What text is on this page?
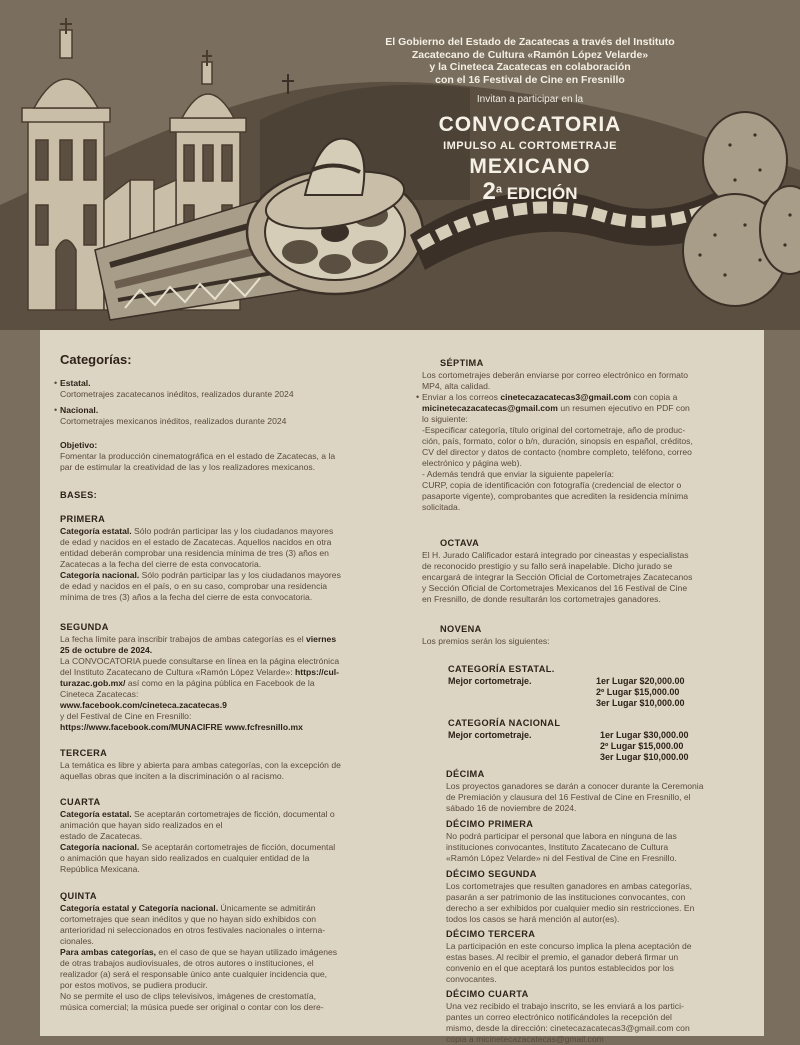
El Gobierno del Estado de Zacatecas a través del Instituto
Zacatecano de Cultura «Ramón López Velarde»
y la Cineteca Zacatecas en colaboración
con el 16 Festival de Cine en Fresnillo
Invitan a participar en la
CONVOCATORIA
IMPULSO AL CORTOMETRAJE
MEXICANO
2$^a$ EDICIÓN
Categorías:
• Estatal.
Cortometrajes zacatecanos inéditos, realizados durante 2024
• Nacional.
Cortometrajes mexicanos inéditos, realizados durante 2024
Objetivo:
Fomentar la producción cinematográfica en el estado de Zacatecas, a la
par de estimular la creatividad de las y los realizadores mexicanos.
BASES:
PRIMERA
Categoría estatal. Sólo podrán participar las y los ciudadanos mayores
de edad y nacidos en el estado de Zacatecas. Aquellos nacidos en otra
entidad deberán comprobar una residencia mínima de tres (3) años en
Zacatecas a la fecha del cierre de esta convocatoria.
Categoría nacional. Sólo podrán participar las y los ciudadanos mayores
de edad y nacidos en el país, o en su caso, comprobar una residencia
mínima de tres (3) años a la fecha del cierre de esta convocatoria.
SEGUNDA
La fecha límite para inscribir trabajos de ambas categorías es el viernes
25 de octubre de 2024.
La CONVOCATORIA puede consultarse en línea en la página electrónica
del Instituto Zacatecano de Cultura «Ramón López Velarde»: https://cul-
turazac.gob.mx/ así como en la página pública en Facebook de la
Cineteca Zacatecas:
www.facebook.com/cineteca.zacatecas.9
y del Festival de Cine en Fresnillo:
https://www.facebook.com/MUNACIFRE www.fcfresnillo.mx
TERCERA
La temática es libre y abierta para ambas categorías, con la excepción de
aquellas obras que inciten a la discriminación o al racismo.
CUARTA
Categoría estatal. Se aceptarán cortometrajes de ficción, documental o
animación que hayan sido realizados en el
estado de Zacatecas.
Categoría nacional. Se aceptarán cortometrajes de ficción, documental
o animación que hayan sido realizados en cualquier entidad de la
República Mexicana.
QUINTA
Categoría estatal y Categoría nacional. Únicamente se admitirán
cortometrajes que sean inéditos y que no hayan sido exhibidos con
anterioridad ni seleccionados en otros festivales nacionales o interna-
cionales.
Para ambas categorías, en el caso de que se hayan utilizado imágenes
de otras trabajos audiovisuales, de otros autores o instituciones, el
realizador (a) será el responsable único ante cualquier incidencia que,
por estos motivos, se pudiera producir.
No se permite el uso de clips televisivos, imágenes de crestomatía,
música comercial; la música puede ser original o contar con los dere-
SÉPTIMA
Los cortometrajes deberán enviarse por correo electrónico en formato
MP4, alta calidad.
• Enviar a los correos cinetecazacatecas3@gmail.com con copia a
micinetecazacatecas@gmail.com un resumen ejecutivo en PDF con
lo siguiente:
-Especificar categoría, título original del cortometraje, año de produc-
ción, país, formato, color o b/n, duración, sinopsis en español, créditos,
CV del director y datos de contacto (nombre completo, teléfono, correo
electrónico y página web).
- Además tendrá que enviar la siguiente papelería:
CURP, copia de identificación con fotografía (credencial de elector o
pasaporte vigente), comprobantes que acrediten la residencia mínima
solicitada.
OCTAVA
El H. Jurado Calificador estará integrado por cineastas y especialistas
de reconocido prestigio y su fallo será inapelable. Dicho jurado se
encargará de integrar la Sección Oficial de Cortometrajes Zacatecanos
y Sección Oficial de Cortometrajes Mexicanos del 16 Festival de Cine
en Fresnillo, de donde resultarán los cortometrajes ganadores.
NOVENA
Los premios serán los siguientes:
CATEGORÍA ESTATAL.
Mejor cortometraje.	1er Lugar $20,000.00
2º Lugar $15,000.00
3er Lugar $10,000.00
CATEGORÍA NACIONAL
Mejor cortometraje.	1er Lugar $30,000.00
2º Lugar $15,000.00
3er Lugar $10,000.00
DÉCIMA
Los proyectos ganadores se darán a conocer durante la Ceremonia
de Premiación y clausura del 16 Festival de Cine en Fresnillo, el
sábado 16 de noviembre de 2024.
DÉCIMO PRIMERA
No podrá participar el personal que labora en ninguna de las
instituciones convocantes, Instituto Zacatecano de Cultura
«Ramón López Velarde» ni del Festival de Cine en Fresnillo.
DÉCIMO SEGUNDA
Los cortometrajes que resulten ganadores en ambas categorías,
pasarán a ser patrimonio de las instituciones convocantes, con
derecho a ser exhibidos por cualquier medio sin restricciones. En
todos los casos se hará mención al autor(es).
DÉCIMO TERCERA
La participación en este concurso implica la plena aceptación de
estas bases. Al recibir el premio, el ganador deberá firmar un
convenio en el que aceptará los puntos establecidos por los
convocantes.
DÉCIMO CUARTA
Una vez recibido el trabajo inscrito, se les enviará a los partici-
pantes un correo electrónico notificándoles la recepción del
mismo, desde la dirección: cinetecazacatecas3@gmail.com con
copia a micinetecazacatecas@gmail.com
